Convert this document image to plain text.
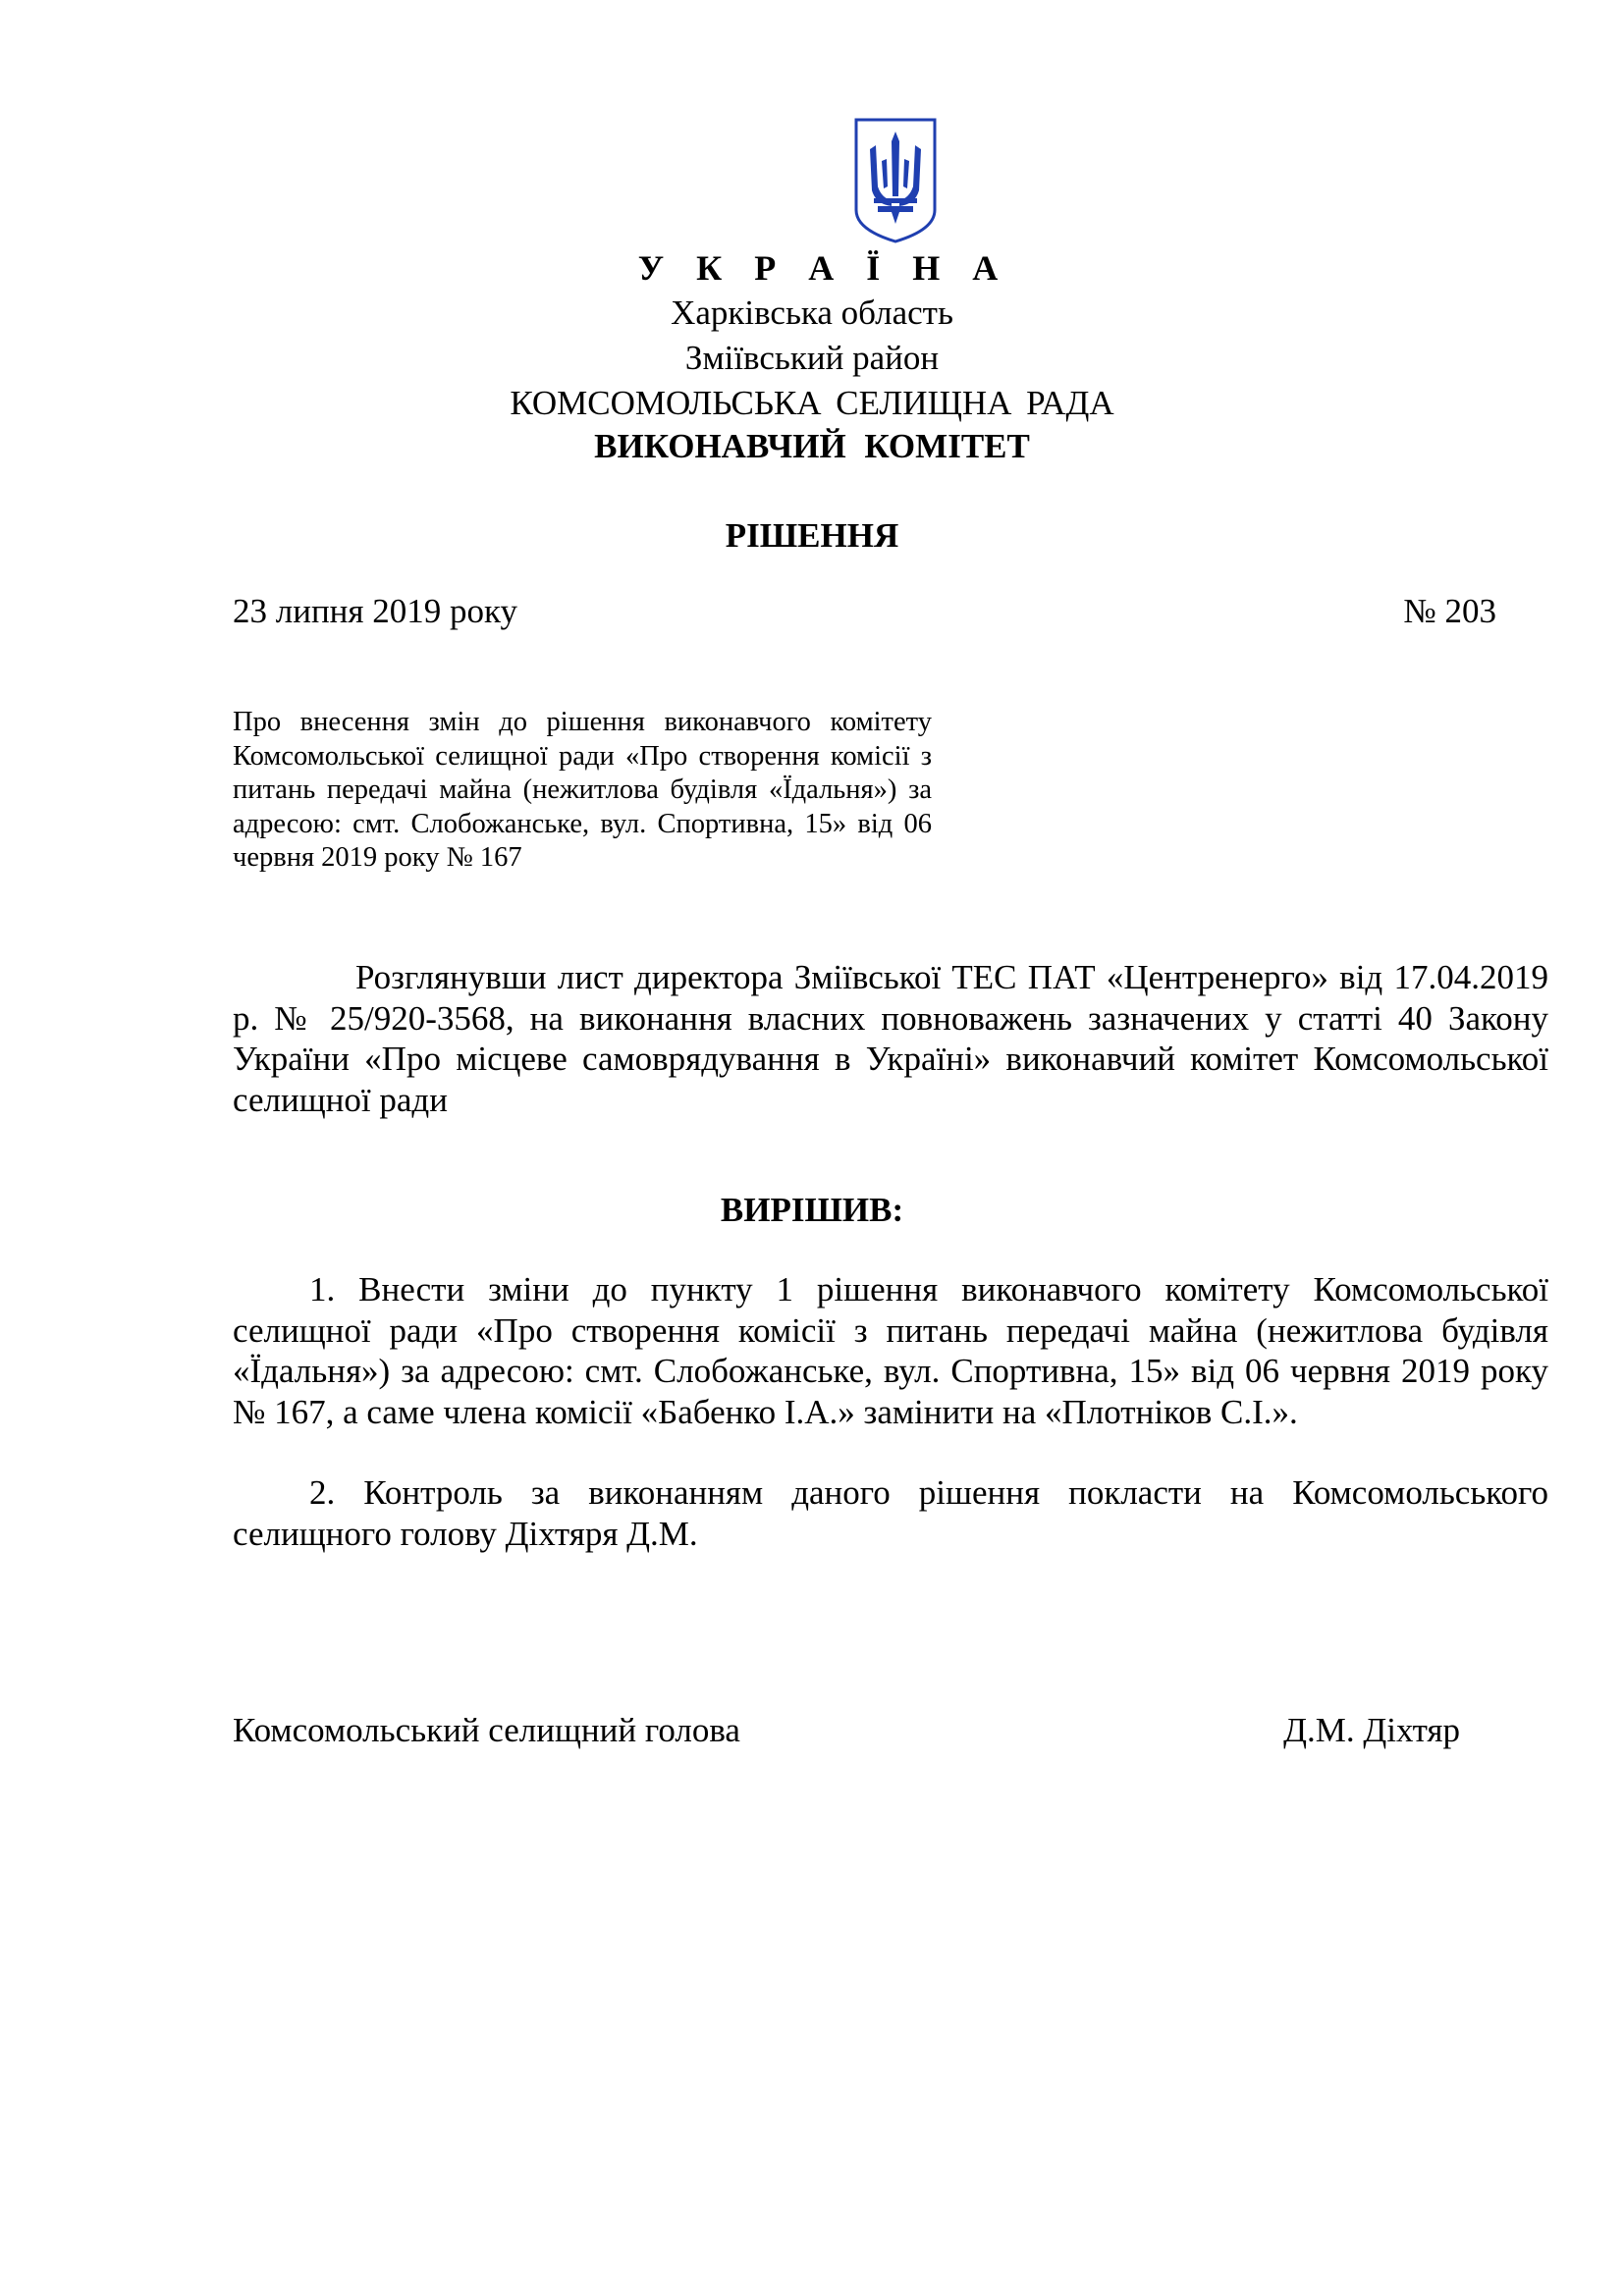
У К Р А Ї Н А
Харківська область
Зміївський район
КОМСОМОЛЬСЬКА СЕЛИЩНА РАДА
ВИКОНАВЧИЙ КОМІТЕТ
РІШЕННЯ
23 липня 2019 року	№ 203
Про внесення змін до рішення виконавчого комітету Комсомольської селищної ради «Про створення комісії з питань передачі майна (нежитлова будівля «Їдальня») за адресою: смт. Слобожанське, вул. Спортивна, 15» від 06 червня 2019 року № 167
Розглянувши лист директора Зміївської ТЕС ПАТ «Центренерго» від 17.04.2019 р. № 25/920-3568, на виконання власних повноважень зазначених у статті 40 Закону України «Про місцеве самоврядування в Україні» виконавчий комітет Комсомольської селищної ради
ВИРІШИВ:
1. Внести зміни до пункту 1 рішення виконавчого комітету Комсомольської селищної ради «Про створення комісії з питань передачі майна (нежитлова будівля «Їдальня») за адресою: смт. Слобожанське, вул. Спортивна, 15» від 06 червня 2019 року № 167, а саме члена комісії «Бабенко І.А.» замінити на «Плотніков С.І.».
2. Контроль за виконанням даного рішення покласти на Комсомольського селищного голову Діхтяря Д.М.
Комсомольський селищний голова	Д.М. Діхтяр
